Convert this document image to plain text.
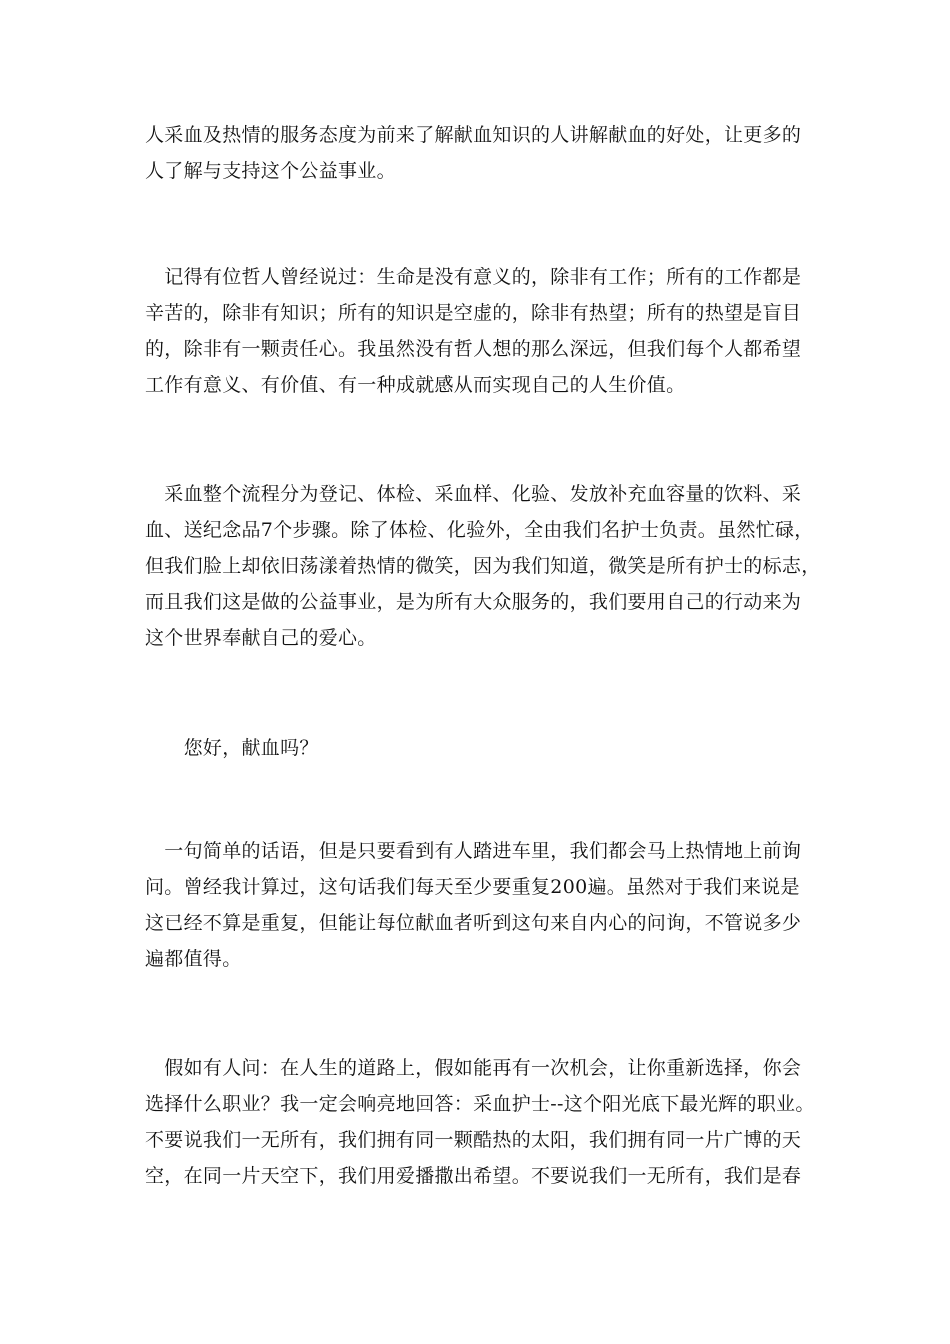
人采血及热情的服务态度为前来了解献血知识的人讲解献血的好处，让更多的
人了解与支持这个公益事业。

　记得有位哲人曾经说过：生命是没有意义的，除非有工作；所有的工作都是
辛苦的，除非有知识；所有的知识是空虚的，除非有热望；所有的热望是盲目
的，除非有一颗责任心。我虽然没有哲人想的那么深远，但我们每个人都希望
工作有意义、有价值、有一种成就感从而实现自己的人生价值。

　采血整个流程分为登记、体检、采血样、化验、发放补充血容量的饮料、采
血、送纪念品7个步骤。除了体检、化验外，全由我们名护士负责。虽然忙碌，
但我们脸上却依旧荡漾着热情的微笑，因为我们知道，微笑是所有护士的标志，
而且我们这是做的公益事业，是为所有大众服务的，我们要用自己的行动来为
这个世界奉献自己的爱心。

　　您好，献血吗？

　一句简单的话语，但是只要看到有人踏进车里，我们都会马上热情地上前询
问。曾经我计算过，这句话我们每天至少要重复200遍。虽然对于我们来说是
这已经不算是重复，但能让每位献血者听到这句来自内心的问询，不管说多少
遍都值得。

　假如有人问：在人生的道路上，假如能再有一次机会，让你重新选择，你会
选择什么职业？我一定会响亮地回答：采血护士--这个阳光底下最光辉的职业。
不要说我们一无所有，我们拥有同一颗酷热的太阳，我们拥有同一片广博的天
空，在同一片天空下，我们用爱播撒出希望。不要说我们一无所有，我们是春
